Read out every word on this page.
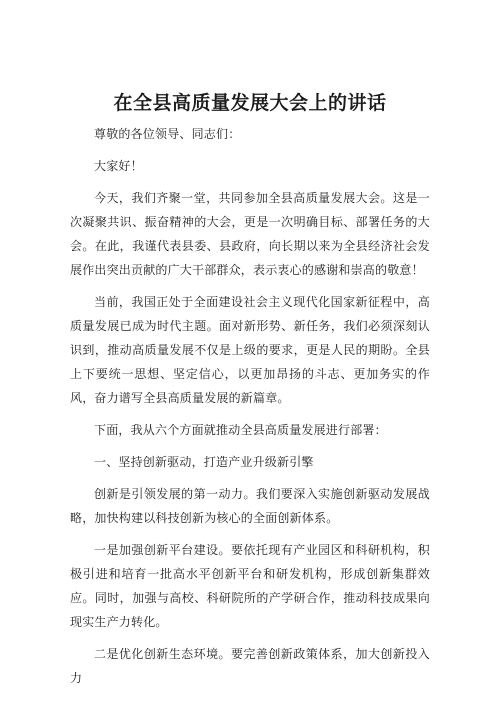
在全县高质量发展大会上的讲话

尊敬的各位领导、同志们：

大家好！

今天，我们齐聚一堂，共同参加全县高质量发展大会。这是一次凝聚共识、振奋精神的大会，更是一次明确目标、部署任务的大会。在此，我谨代表县委、县政府，向长期以来为全县经济社会发展作出突出贡献的广大干部群众，表示衷心的感谢和崇高的敬意！

当前，我国正处于全面建设社会主义现代化国家新征程中，高质量发展已成为时代主题。面对新形势、新任务，我们必须深刻认识到，推动高质量发展不仅是上级的要求，更是人民的期盼。全县上下要统一思想、坚定信心，以更加昂扬的斗志、更加务实的作风，奋力谱写全县高质量发展的新篇章。

下面，我从六个方面就推动全县高质量发展进行部署：

一、坚持创新驱动，打造产业升级新引擎

创新是引领发展的第一动力。我们要深入实施创新驱动发展战略，加快构建以科技创新为核心的全面创新体系。

一是加强创新平台建设。要依托现有产业园区和科研机构，积极引进和培育一批高水平创新平台和研发机构，形成创新集群效应。同时，加强与高校、科研院所的产学研合作，推动科技成果向现实生产力转化。

二是优化创新生态环境。要完善创新政策体系，加大创新投入力
